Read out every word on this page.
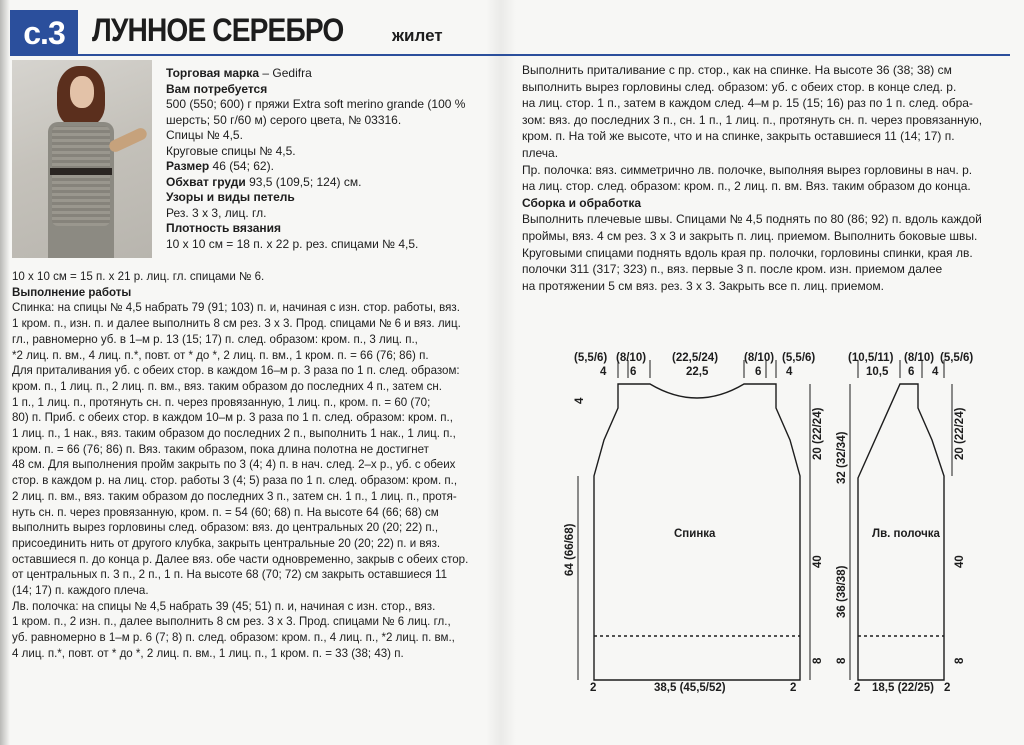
с.3 ЛУННОЕ СЕРЕБРО	жилет
Торговая марка – Gedifra
Вам потребуется
500 (550; 600) г пряжи Extra soft merino grande (100 %
шерсть; 50 г/60 м) серого цвета, № 03316.
Спицы № 4,5.
Круговые спицы № 4,5.
Размер 46 (54; 62).
Обхват груди 93,5 (109,5; 124) см.
Узоры и виды петель
Рез. 3 х 3, лиц. гл.
Плотность вязания
10 х 10 см = 18 п. х 22 р. рез. спицами № 4,5.
10 х 10 см = 15 п. х 21 р. лиц. гл. спицами № 6.
Выполнение работы
Спинка: на спицы № 4,5 набрать 79 (91; 103) п. и, начиная с изн. стор. работы, вяз.
1 кром. п., изн. п. и далее выполнить 8 см рез. 3 х 3. Прод. спицами № 6 и вяз. лиц.
гл., равномерно уб. в 1–м р. 13 (15; 17) п. след. образом: кром. п., 3 лиц. п.,
*2 лиц. п. вм., 4 лиц. п.*, повт. от * до *, 2 лиц. п. вм., 1 кром. п. = 66 (76; 86) п.
Для приталивания уб. с обеих стор. в каждом 16–м р. 3 раза по 1 п. след. образом:
кром. п., 1 лиц. п., 2 лиц. п. вм., вяз. таким образом до последних 4 п., затем сн.
1 п., 1 лиц. п., протянуть сн. п. через провязанную, 1 лиц. п., кром. п. = 60 (70;
80) п. Приб. с обеих стор. в каждом 10–м р. 3 раза по 1 п. след. образом: кром. п.,
1 лиц. п., 1 нак., вяз. таким образом до последних 2 п., выполнить 1 нак., 1 лиц. п.,
кром. п. = 66 (76; 86) п. Вяз. таким образом, пока длина полотна не достигнет
48 см. Для выполнения пройм закрыть по 3 (4; 4) п. в нач. след. 2–х р., уб. с обеих
стор. в каждом р. на лиц. стор. работы 3 (4; 5) раза по 1 п. след. образом: кром. п.,
2 лиц. п. вм., вяз. таким образом до последних 3 п., затем сн. 1 п., 1 лиц. п., протя-
нуть сн. п. через провязанную, кром. п. = 54 (60; 68) п. На высоте 64 (66; 68) см
выполнить вырез горловины след. образом: вяз. до центральных 20 (20; 22) п.,
присоединить нить от другого клубка, закрыть центральные 20 (20; 22) п. и вяз.
оставшиеся п. до конца р. Далее вяз. обе части одновременно, закрыв с обеих стор.
от центральных п. 3 п., 2 п., 1 п. На высоте 68 (70; 72) см закрыть оставшиеся 11
(14; 17) п. каждого плеча.
Лв. полочка: на спицы № 4,5 набрать 39 (45; 51) п. и, начиная с изн. стор., вяз.
1 кром. п., 2 изн. п., далее выполнить 8 см рез. 3 х 3. Прод. спицами № 6 лиц. гл.,
уб. равномерно в 1–м р. 6 (7; 8) п. след. образом: кром. п., 4 лиц. п., *2 лиц. п. вм.,
4 лиц. п.*, повт. от * до *, 2 лиц. п. вм., 1 лиц. п., 1 кром. п. = 33 (38; 43) п.
Выполнить приталивание с пр. стор., как на спинке. На высоте 36 (38; 38) см
выполнить вырез горловины след. образом: уб. с обеих стор. в конце след. р.
на лиц. стор. 1 п., затем в каждом след. 4–м р. 15 (15; 16) раз по 1 п. след. обра-
зом: вяз. до последних 3 п., сн. 1 п., 1 лиц. п., протянуть сн. п. через провязанную,
кром. п. На той же высоте, что и на спинке, закрыть оставшиеся 11 (14; 17) п.
плеча.
Пр. полочка: вяз. симметрично лв. полочке, выполняя вырез горловины в нач. р.
на лиц. стор. след. образом: кром. п., 2 лиц. п. вм. Вяз. таким образом до конца.
Сборка и обработка
Выполнить плечевые швы. Спицами № 4,5 поднять по 80 (86; 92) п. вдоль каждой
проймы, вяз. 4 см рез. 3 х 3 и закрыть п. лиц. приемом. Выполнить боковые швы.
Круговыми спицами поднять вдоль края пр. полочки, горловины спинки, края лв.
полочки 311 (317; 323) п., вяз. первые 3 п. после кром. изн. приемом далее
на протяжении 5 см вяз. рез. 3 х 3. Закрыть все п. лиц. приемом.
(5,5/6)
4
(8/10)
6
(22,5/24)
22,5
(8/10)
6
(5,5/6)
4
4
64 (66/68)	Спинка
20 (22/24)
40
8
2	38,5 (45,5/52)	2
(10,5/11)
10,5
(8/10)
6
(5,5/6)
4
32 (32/34)
36 (38/38)
8
Лв. полочка
20 (22/24)
40
8
2 18,5 (22/25) 2
